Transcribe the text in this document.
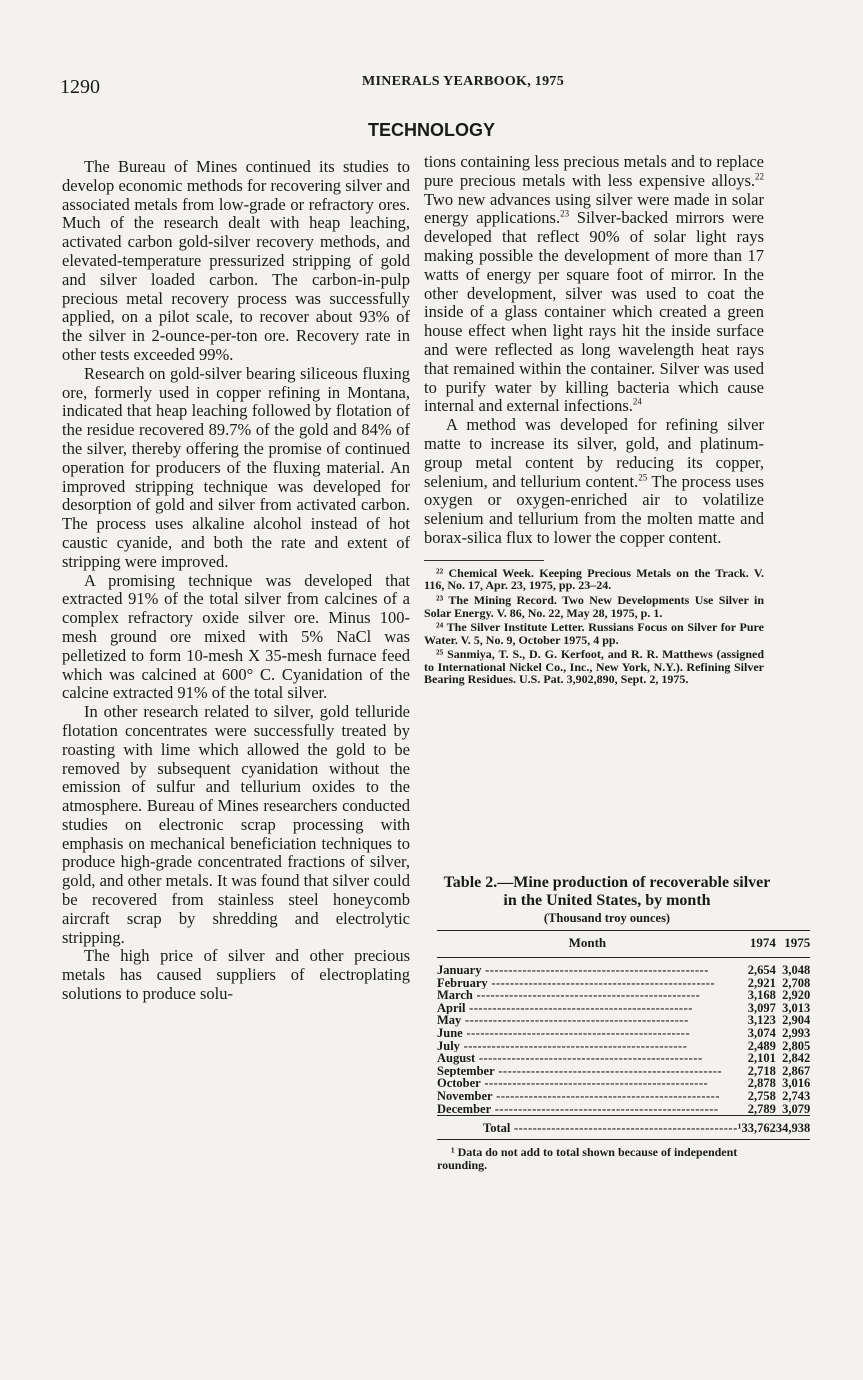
1290	MINERALS YEARBOOK, 1975
TECHNOLOGY

The Bureau of Mines continued its studies to develop economic methods for recovering silver and associated metals from low-grade or refractory ores. Much of the research dealt with heap leaching, activated carbon gold-silver recovery methods, and elevated-temperature pressurized stripping of gold and silver loaded carbon. The carbon-in-pulp precious metal recovery process was successfully applied, on a pilot scale, to recover about 93% of the silver in 2-ounce-per-ton ore. Recovery rate in other tests exceeded 99%.

Research on gold-silver bearing siliceous fluxing ore, formerly used in copper refining in Montana, indicated that heap leaching followed by flotation of the residue recovered 89.7% of the gold and 84% of the silver, thereby offering the promise of continued operation for producers of the fluxing material. An improved stripping technique was developed for desorption of gold and silver from activated carbon. The process uses alkaline alcohol instead of hot caustic cyanide, and both the rate and extent of stripping were improved.

A promising technique was developed that extracted 91% of the total silver from calcines of a complex refractory oxide silver ore. Minus 100-mesh ground ore mixed with 5% NaCl was pelletized to form 10-mesh X 35-mesh furnace feed which was calcined at 600° C. Cyanidation of the calcine extracted 91% of the total silver.

In other research related to silver, gold telluride flotation concentrates were successfully treated by roasting with lime which allowed the gold to be removed by subsequent cyanidation without the emission of sulfur and tellurium oxides to the atmosphere. Bureau of Mines researchers conducted studies on electronic scrap processing with emphasis on mechanical beneficiation techniques to produce high-grade concentrated fractions of silver, gold, and other metals. It was found that silver could be recovered from stainless steel honeycomb aircraft scrap by shredding and electrolytic stripping.

The high price of silver and other precious metals has caused suppliers of electroplating solutions to produce solu-

tions containing less precious metals and to replace pure precious metals with less expensive alloys.$^{22}$ Two new advances using silver were made in solar energy applications.$^{23}$ Silver-backed mirrors were developed that reflect 90% of solar light rays making possible the development of more than 17 watts of energy per square foot of mirror. In the other development, silver was used to coat the inside of a glass container which created a green house effect when light rays hit the inside surface and were reflected as long wavelength heat rays that remained within the container. Silver was used to purify water by killing bacteria which cause internal and external infections.$^{24}$

A method was developed for refining silver matte to increase its silver, gold, and platinum-group metal content by reducing its copper, selenium, and tellurium content.$^{25}$ The process uses oxygen or oxygen-enriched air to volatilize selenium and tellurium from the molten matte and borax-silica flux to lower the copper content.

²² Chemical Week. Keeping Precious Metals on the Track. V. 116, No. 17, Apr. 23, 1975, pp. 23–24.

²³ The Mining Record. Two New Developments Use Silver in Solar Energy. V. 86, No. 22, May 28, 1975, p. 1.

²⁴ The Silver Institute Letter. Russians Focus on Silver for Pure Water. V. 5, No. 9, October 1975, 4 pp.

²⁵ Sanmiya, T. S., D. G. Kerfoot, and R. R. Matthews (assigned to International Nickel Co., Inc., New York, N.Y.). Refining Silver Bearing Residues. U.S. Pat. 3,902,890, Sept. 2, 1975.

Table 2.—Mine production of recoverable silver in the United States, by month
(Thousand troy ounces)
Month	1974	1975
January -----	2,654	3,048
February -----	2,921	2,708
March -----	3,168	2,920
April -----	3,097	3,013
May -----	3,123	2,904
June -----	3,074	2,993
July -----	2,489	2,805
August -----	2,101	2,842
September -----	2,718	2,867
October -----	2,878	3,016
November -----	2,758	2,743
December -----	2,789	3,079
Total -----	¹33,762	34,938
¹ Data do not add to total shown because of independent rounding.
